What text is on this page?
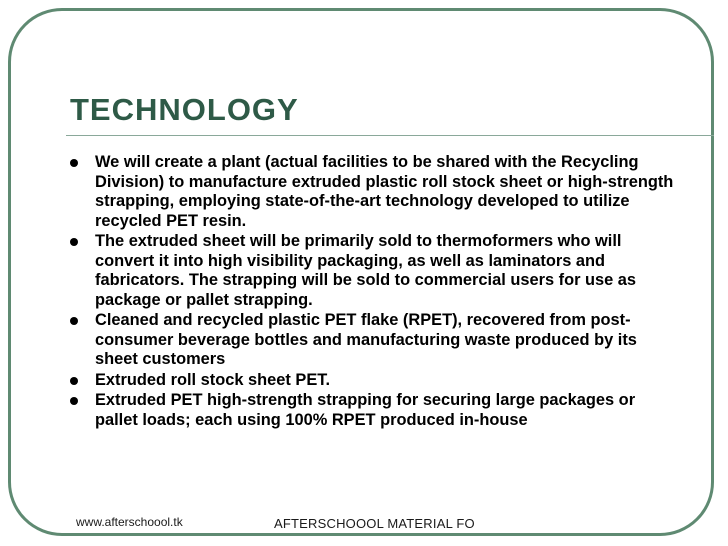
TECHNOLOGY
We will create a plant (actual facilities to be shared with the Recycling Division) to manufacture extruded plastic roll stock sheet or high-strength strapping, employing state-of-the-art technology developed to utilize recycled PET resin.
The extruded sheet will be primarily sold to thermoformers who will convert it into high visibility packaging, as well as laminators and fabricators. The strapping will be sold to commercial users for use as package or pallet strapping.
Cleaned and recycled plastic PET flake (RPET), recovered from post-consumer beverage bottles and manufacturing waste produced by its sheet customers
Extruded roll stock sheet PET.
Extruded PET high-strength strapping for securing large packages or pallet loads; each using 100% RPET produced in-house
www.afterschoool.tk	AFTERSCHOOOL MATERIAL FO
